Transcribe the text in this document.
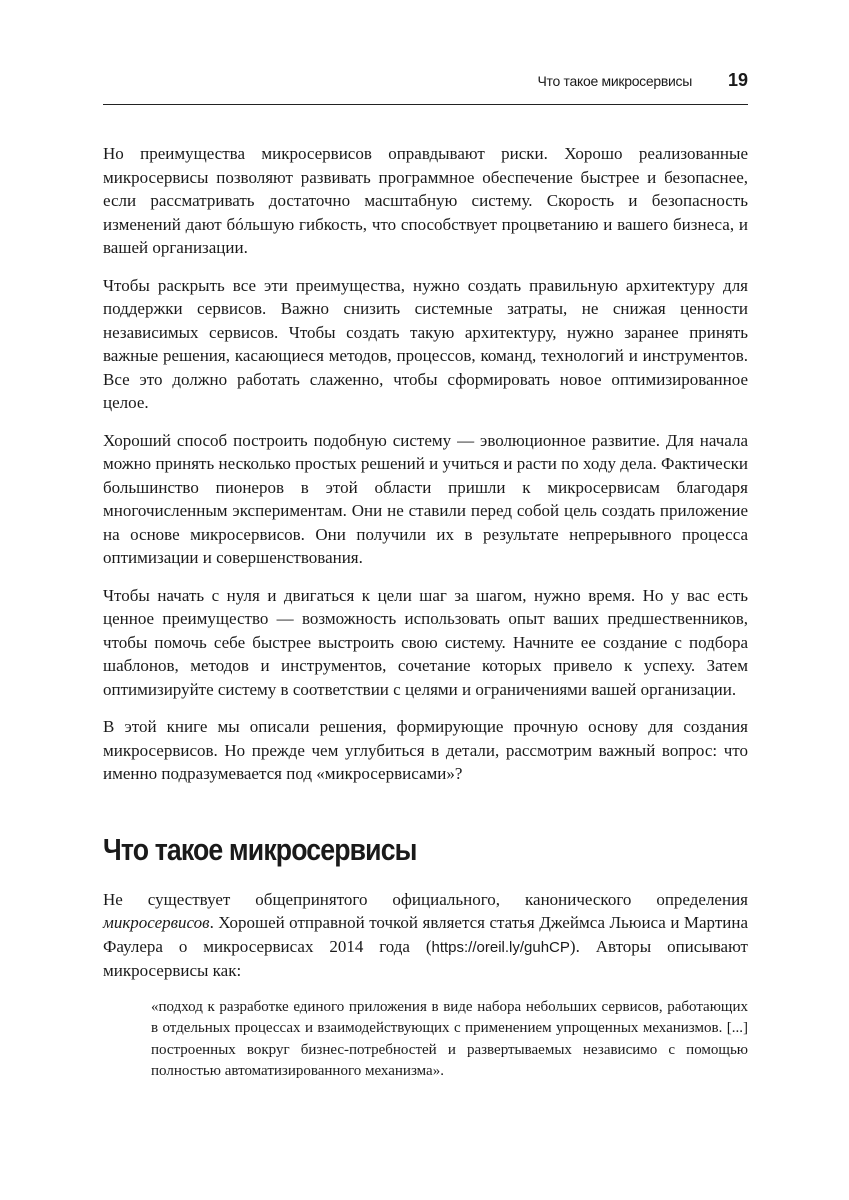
Что такое микросервисы 19

Но преимущества микросервисов оправдывают риски. Хорошо реализованные микросервисы позволяют развивать программное обеспечение быстрее и безопаснее, если рассматривать достаточно масштабную систему. Скорость и безопасность изменений дают бóльшую гибкость, что способствует процветанию и вашего бизнеса, и вашей организации.

Чтобы раскрыть все эти преимущества, нужно создать правильную архитектуру для поддержки сервисов. Важно снизить системные затраты, не снижая ценности независимых сервисов. Чтобы создать такую архитектуру, нужно заранее принять важные решения, касающиеся методов, процессов, команд, технологий и инструментов. Все это должно работать слаженно, чтобы сформировать новое оптимизированное целое.

Хороший способ построить подобную систему — эволюционное развитие. Для начала можно принять несколько простых решений и учиться и расти по ходу дела. Фактически большинство пионеров в этой области пришли к микросервисам благодаря многочисленным экспериментам. Они не ставили перед собой цель создать приложение на основе микросервисов. Они получили их в результате непрерывного процесса оптимизации и совершенствования.

Чтобы начать с нуля и двигаться к цели шаг за шагом, нужно время. Но у вас есть ценное преимущество — возможность использовать опыт ваших предшественников, чтобы помочь себе быстрее выстроить свою систему. Начните ее создание с подбора шаблонов, методов и инструментов, сочетание которых привело к успеху. Затем оптимизируйте систему в соответствии с целями и ограничениями вашей организации.

В этой книге мы описали решения, формирующие прочную основу для создания микросервисов. Но прежде чем углубиться в детали, рассмотрим важный вопрос: что именно подразумевается под «микросервисами»?

Что такое микросервисы

Не существует общепринятого официального, канонического определения микросервисов. Хорошей отправной точкой является статья Джеймса Льюиса и Мартина Фаулера о микросервисах 2014 года (https://oreil.ly/guhCP). Авторы описывают микросервисы как:

«подход к разработке единого приложения в виде набора небольших сервисов, работающих в отдельных процессах и взаимодействующих с применением упрощенных механизмов. [...] построенных вокруг бизнес-потребностей и развертываемых независимо с помощью полностью автоматизированного механизма».
